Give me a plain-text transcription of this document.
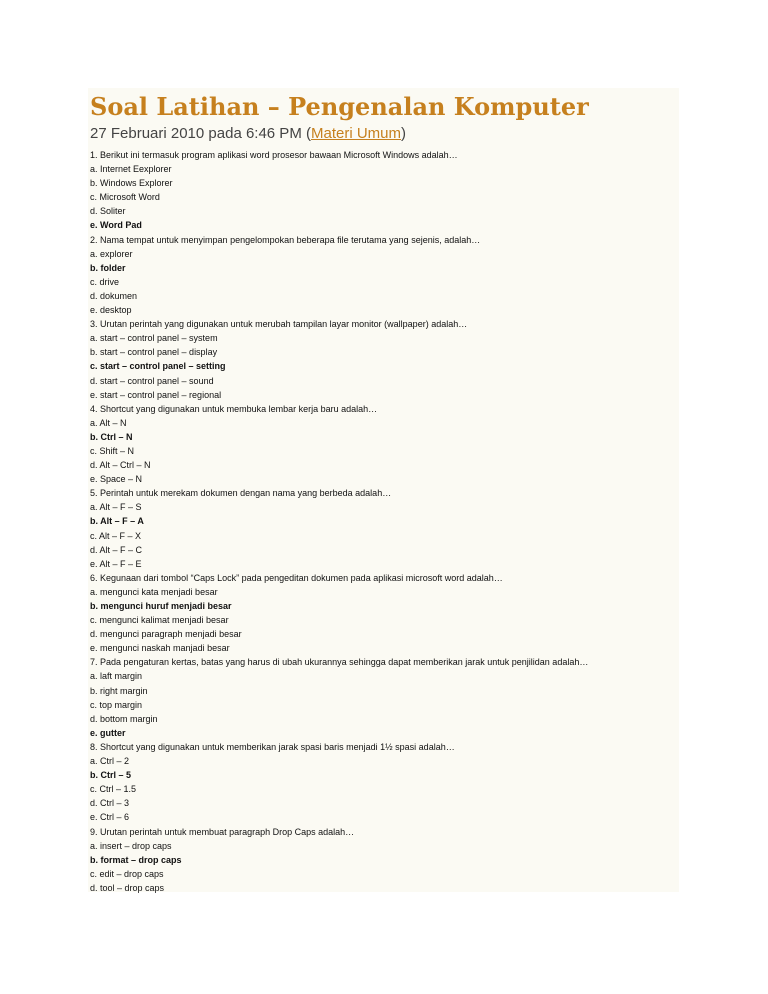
Soal Latihan – Pengenalan Komputer

27 Februari 2010 pada 6:46 PM (Materi Umum)

1. Berikut ini termasuk program aplikasi word prosesor bawaan Microsoft Windows adalah…
a. Internet Eexplorer
b. Windows Explorer
c. Microsoft Word
d. Soliter
e. Word Pad
2. Nama tempat untuk menyimpan pengelompokan beberapa file terutama yang sejenis, adalah…
a. explorer
b. folder
c. drive
d. dokumen
e. desktop
3. Urutan perintah yang digunakan untuk merubah tampilan layar monitor (wallpaper) adalah…
a. start – control panel – system
b. start – control panel – display
c. start – control panel – setting
d. start – control panel – sound
e. start – control panel – regional
4. Shortcut yang digunakan untuk membuka lembar kerja baru adalah…
a. Alt – N
b. Ctrl – N
c. Shift – N
d. Alt – Ctrl – N
e. Space – N
5. Perintah untuk merekam dokumen dengan nama yang berbeda adalah…
a. Alt – F – S
b. Alt – F – A
c. Alt – F – X
d. Alt – F – C
e. Alt – F – E
6. Kegunaan dari tombol “Caps Lock” pada pengeditan dokumen pada aplikasi microsoft word adalah…
a. mengunci kata menjadi besar
b. mengunci huruf menjadi besar
c. mengunci kalimat menjadi besar
d. mengunci paragraph menjadi besar
e. mengunci naskah manjadi besar
7. Pada pengaturan kertas, batas yang harus di ubah ukurannya sehingga dapat memberikan jarak untuk penjilidan adalah…
a. laft margin
b. right margin
c. top margin
d. bottom margin
e. gutter
8. Shortcut yang digunakan untuk memberikan jarak spasi baris menjadi 1½ spasi adalah…
a. Ctrl – 2
b. Ctrl – 5
c. Ctrl – 1.5
d. Ctrl – 3
e. Ctrl – 6
9. Urutan perintah untuk membuat paragraph Drop Caps adalah…
a. insert – drop caps
b. format – drop caps
c. edit – drop caps
d. tool – drop caps
